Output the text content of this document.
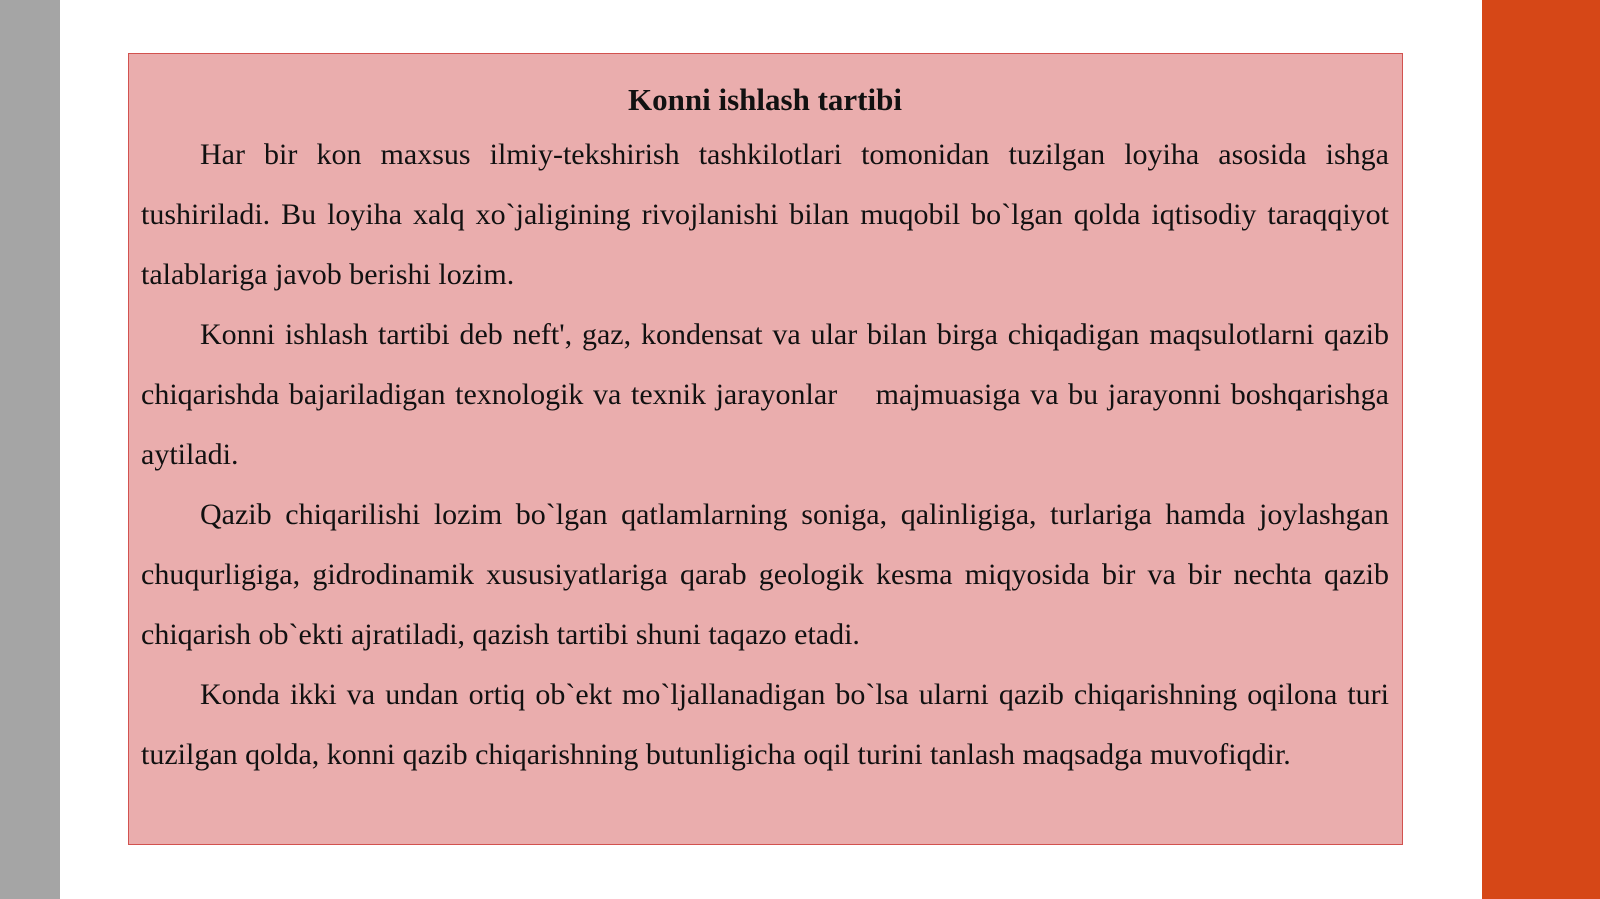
Konni ishlash tartibi

Har bir kon maxsus ilmiy-tekshirish tashkilotlari tomonidan tuzilgan loyiha asosida ishga tushiriladi. Bu loyiha xalq xo`jaligining rivojlanishi bilan muqobil bo`lgan qolda iqtisodiy taraqqiyot talablariga javob berishi lozim.

Konni ishlash tartibi deb neft', gaz, kondensat va ular bilan birga chiqadigan maqsulotlarni qazib chiqarishda bajariladigan texnologik va texnik jarayonlar    majmuasiga va bu jarayonni boshqarishga aytiladi.

Qazib chiqarilishi lozim bo`lgan qatlamlarning soniga, qalinligiga, turlariga hamda joylashgan chuqurligiga, gidrodinamik xususiyatlariga qarab geologik kesma miqyosida bir va bir nechta qazib chiqarish ob`ekti ajratiladi, qazish tartibi shuni taqazo etadi.

Konda ikki va undan ortiq ob`ekt mo`ljallanadigan bo`lsa ularni qazib chiqarishning oqilona turi tuzilgan qolda, konni qazib chiqarishning butunligicha oqil turini tanlash maqsadga muvofiqdir.
